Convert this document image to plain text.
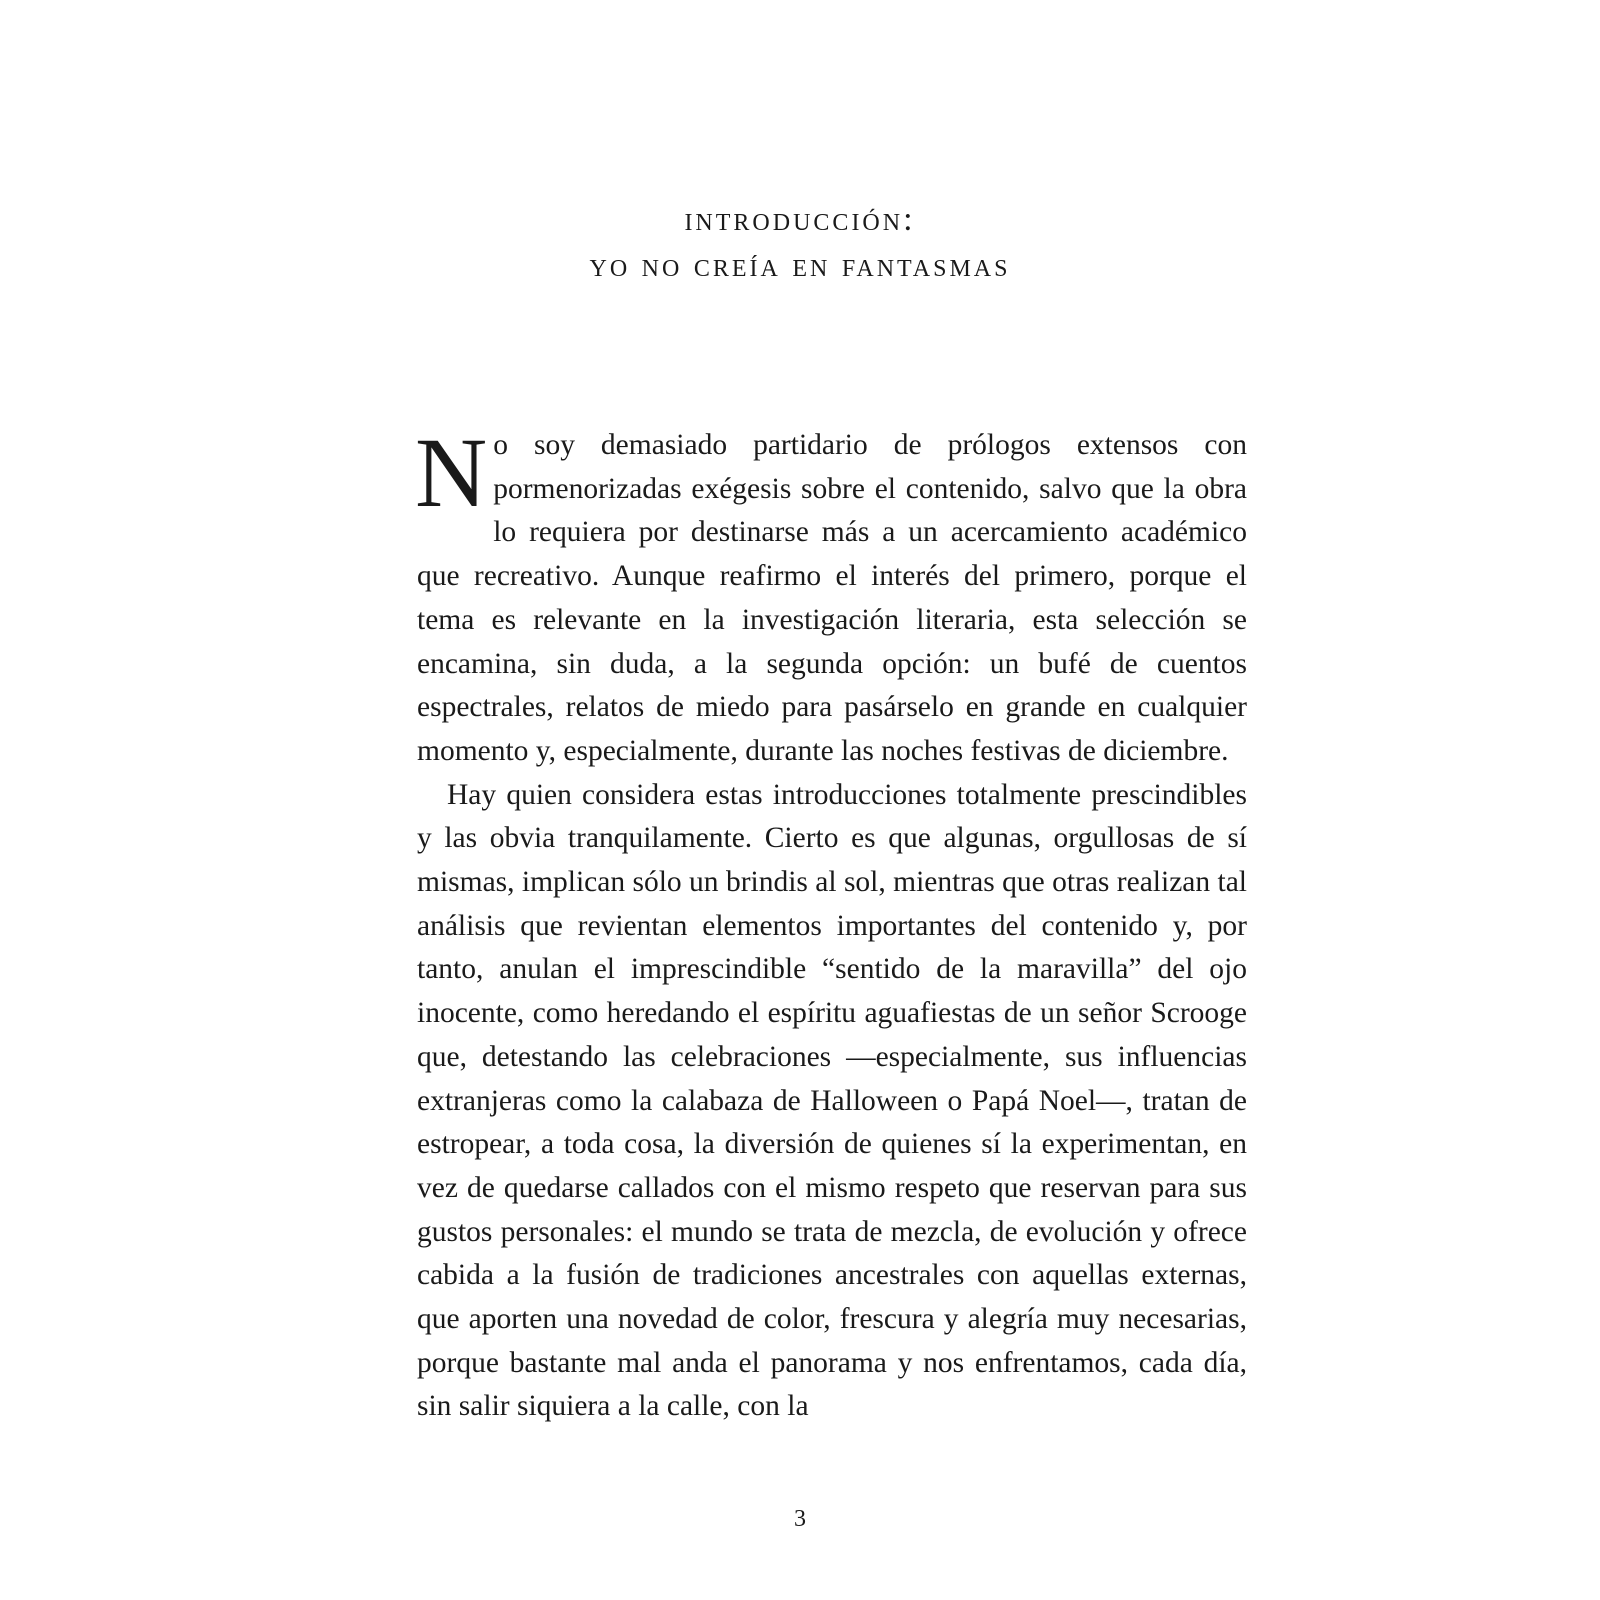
introducción:
yo no creía en fantasmas

No soy demasiado partidario de prólogos extensos con pormenorizadas exégesis sobre el contenido, salvo que la obra lo requiera por destinarse más a un acercamiento académico que recreativo. Aunque reafirmo el interés del primero, porque el tema es relevante en la investigación literaria, esta selección se encamina, sin duda, a la segunda opción: un bufé de cuentos espectrales, relatos de miedo para pasárselo en grande en cualquier momento y, especialmente, durante las noches festivas de diciembre.

Hay quien considera estas introducciones totalmente prescindibles y las obvia tranquilamente. Cierto es que algunas, orgullosas de sí mismas, implican sólo un brindis al sol, mientras que otras realizan tal análisis que revientan elementos importantes del contenido y, por tanto, anulan el imprescindible “sentido de la maravilla” del ojo inocente, como heredando el espíritu aguafiestas de un señor Scrooge que, detestando las celebraciones —especialmente, sus influencias extranjeras como la calabaza de Halloween o Papá Noel—, tratan de estropear, a toda cosa, la diversión de quienes sí la experimentan, en vez de quedarse callados con el mismo respeto que reservan para sus gustos personales: el mundo se trata de mezcla, de evolución y ofrece cabida a la fusión de tradiciones ancestrales con aquellas externas, que aporten una novedad de color, frescura y alegría muy necesarias, porque bastante mal anda el panorama y nos enfrentamos, cada día, sin salir siquiera a la calle, con la

3
